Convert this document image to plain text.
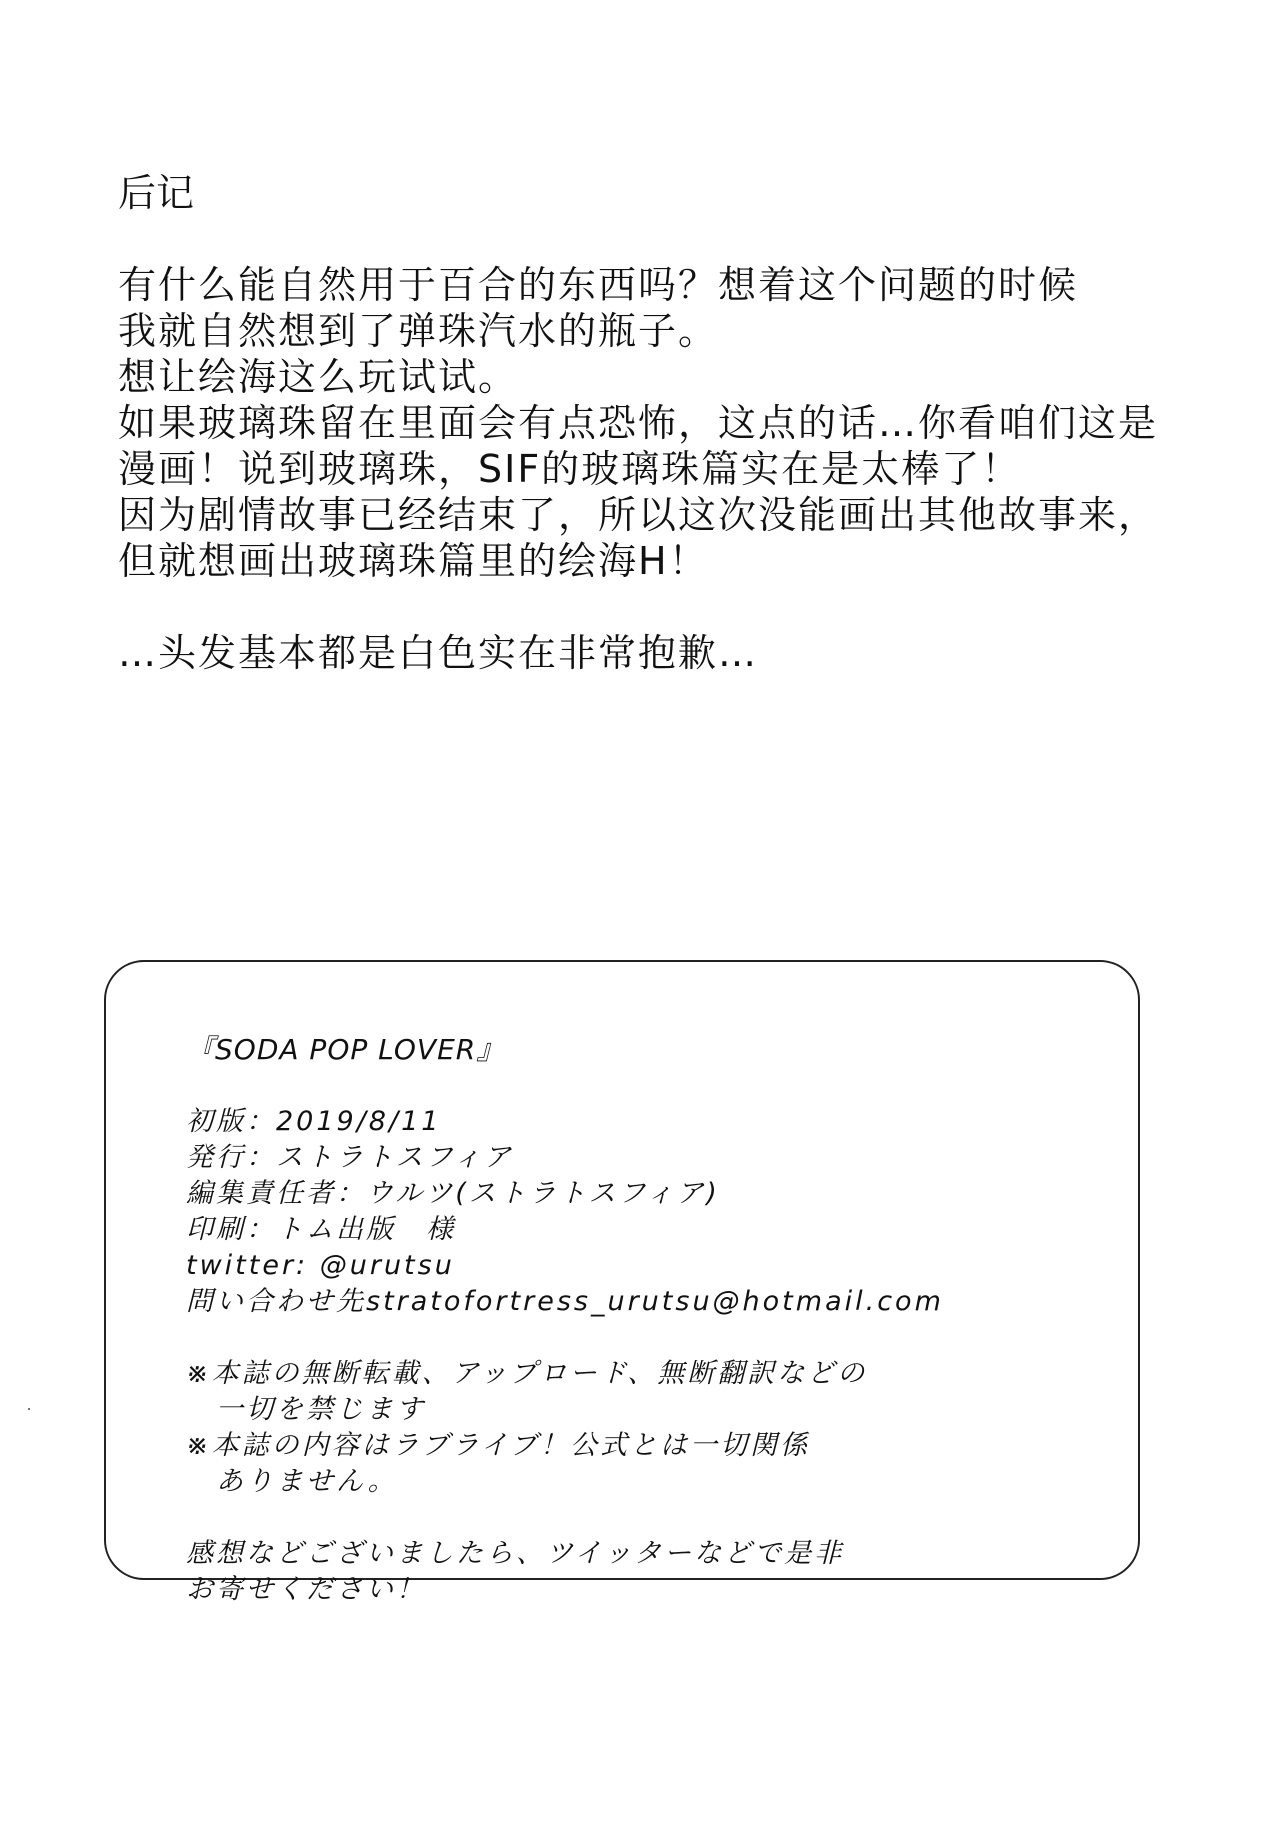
后记

有什么能自然用于百合的东西吗？想着这个问题的时候
我就自然想到了弹珠汽水的瓶子。
想让绘海这么玩试试。
如果玻璃珠留在里面会有点恐怖，这点的话…你看咱们这是
漫画！说到玻璃珠，SIF的玻璃珠篇实在是太棒了！
因为剧情故事已经结束了，所以这次没能画出其他故事来，
但就想画出玻璃珠篇里的绘海H！

…头发基本都是白色实在非常抱歉…

『SODA POP LOVER』
初版：2019/8/11
発行：ストラトスフィア
編集責任者：ウルツ(ストラトスフィア)
印刷：トム出版　様
twitter: @urutsu
問い合わせ先stratofortress_urutsu@hotmail.com
※本誌の無断転載、アップロード、無断翻訳などの
一切を禁じます
※本誌の内容はラブライブ！公式とは一切関係
ありません。
感想などございましたら、ツイッターなどで是非
お寄せください！
